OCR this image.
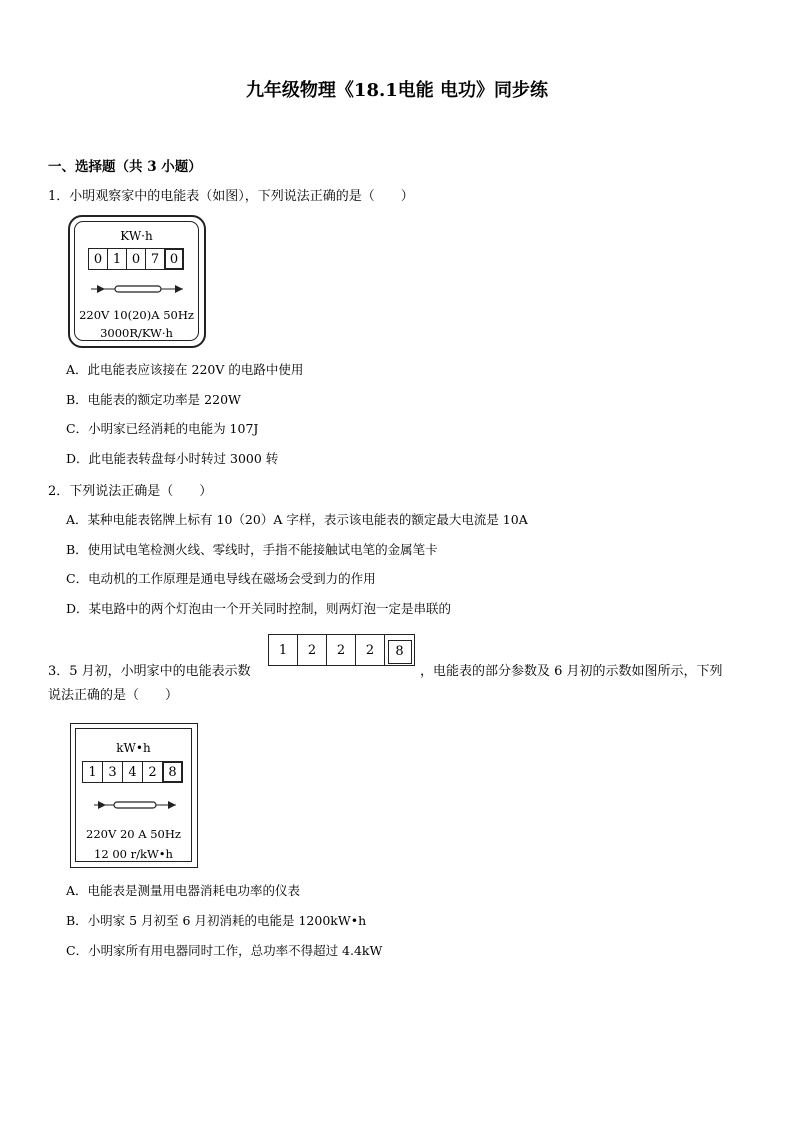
九年级物理《18.1电能 电功》同步练
一、选择题（共 3 小题）
1．小明观察家中的电能表（如图），下列说法正确的是（　　）
KW·h
0 1 0 7 0
220V 10(20)A 50Hz
3000R/KW·h
A．此电能表应该接在 220V 的电路中使用
B．电能表的额定功率是 220W
C．小明家已经消耗的电能为 107J
D．此电能表转盘每小时转过 3000 转
2．下列说法正确是（　　）
A．某种电能表铭牌上标有 10（20）A 字样，表示该电能表的额定最大电流是 10A
B．使用试电笔检测火线、零线时，手指不能接触试电笔的金属笔卡
C．电动机的工作原理是通电导线在磁场会受到力的作用
D．某电路中的两个灯泡由一个开关同时控制，则两灯泡一定是串联的
3．5 月初，小明家中的电能表示数
1	2	2	2	8
，电能表的部分参数及 6 月初的示数如图所示，下列
说法正确的是（　　）
kW•h
1 3 4 2 8
220V 20 A 50Hz
12 00 r/kW•h
A．电能表是测量用电器消耗电功率的仪表
B．小明家 5 月初至 6 月初消耗的电能是 1200kW•h
C．小明家所有用电器同时工作，总功率不得超过 4.4kW
